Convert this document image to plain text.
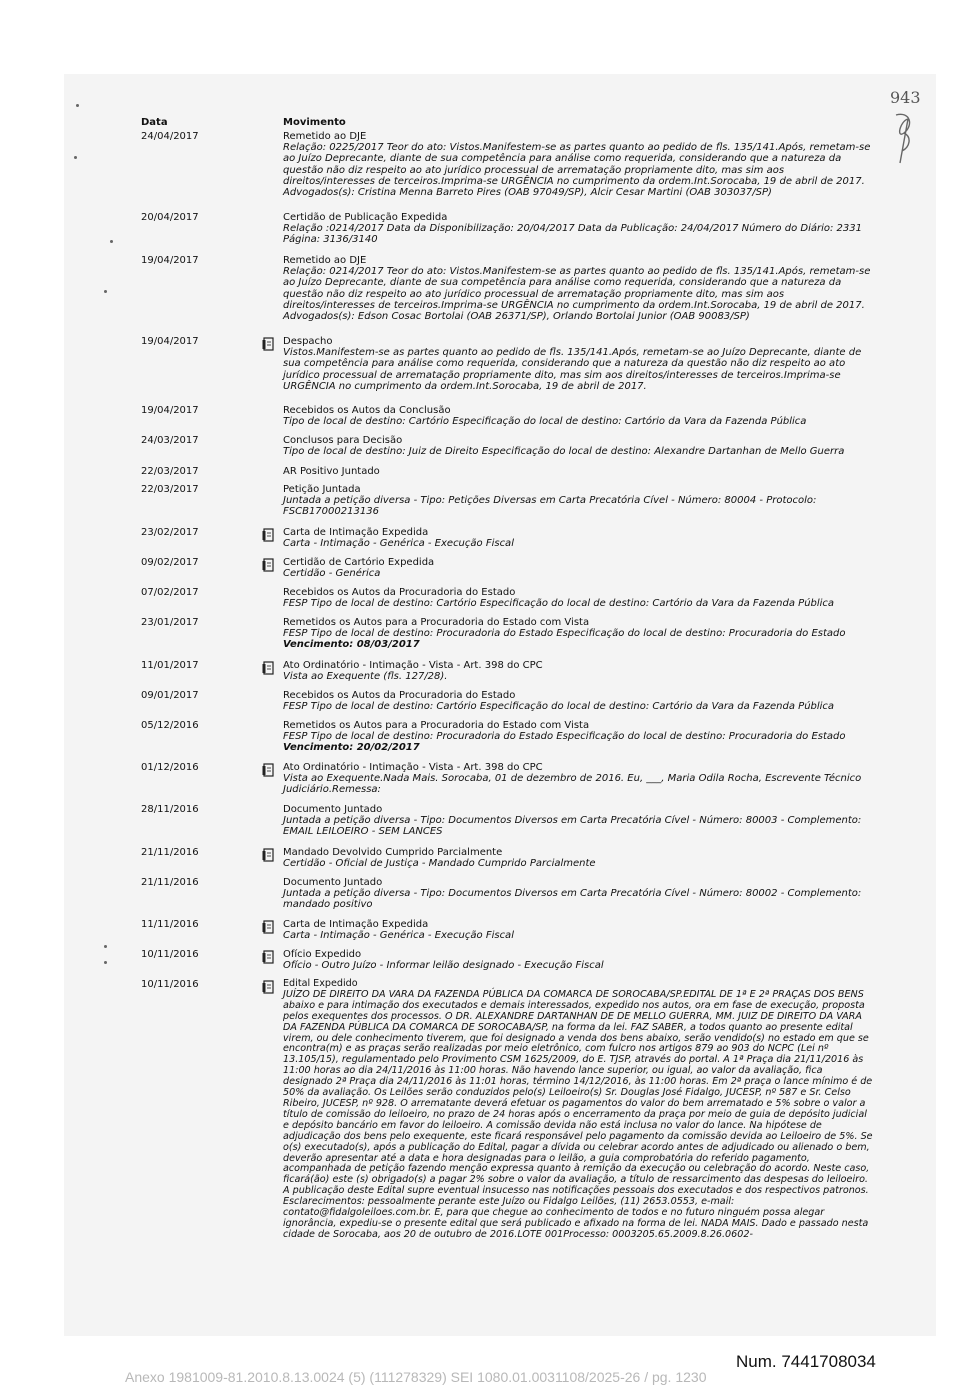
943
Data	Movimento
24/04/2017	Remetido ao DJE
Relação: 0225/2017 Teor do ato: Vistos.Manifestem-se as partes quanto ao pedido de fls. 135/141.Após, remetam-se ao Juízo Deprecante, diante de sua competência para análise como requerida, considerando que a natureza da questão não diz respeito ao ato jurídico processual de arrematação propriamente dito, mas sim aos direitos/interesses de terceiros.Imprima-se URGÊNCIA no cumprimento da ordem.Int.Sorocaba, 19 de abril de 2017. Advogados(s): Cristina Menna Barreto Pires (OAB 97049/SP), Alcir Cesar Martini (OAB 303037/SP)
20/04/2017	Certidão de Publicação Expedida
Relação :0214/2017 Data da Disponibilização: 20/04/2017 Data da Publicação: 24/04/2017 Número do Diário: 2331 Página: 3136/3140
19/04/2017	Remetido ao DJE
Relação: 0214/2017 Teor do ato: Vistos.Manifestem-se as partes quanto ao pedido de fls. 135/141.Após, remetam-se ao Juízo Deprecante, diante de sua competência para análise como requerida, considerando que a natureza da questão não diz respeito ao ato jurídico processual de arrematação propriamente dito, mas sim aos direitos/interesses de terceiros.Imprima-se URGÊNCIA no cumprimento da ordem.Int.Sorocaba, 19 de abril de 2017. Advogados(s): Edson Cosac Bortolai (OAB 26371/SP), Orlando Bortolai Junior (OAB 90083/SP)
19/04/2017	Despacho
Vistos.Manifestem-se as partes quanto ao pedido de fls. 135/141.Após, remetam-se ao Juízo Deprecante, diante de sua competência para análise como requerida, considerando que a natureza da questão não diz respeito ao ato jurídico processual de arrematação propriamente dito, mas sim aos direitos/interesses de terceiros.Imprima-se URGÊNCIA no cumprimento da ordem.Int.Sorocaba, 19 de abril de 2017.
19/04/2017	Recebidos os Autos da Conclusão
Tipo de local de destino: Cartório Especificação do local de destino: Cartório da Vara da Fazenda Pública
24/03/2017	Conclusos para Decisão
Tipo de local de destino: Juiz de Direito Especificação do local de destino: Alexandre Dartanhan de Mello Guerra
22/03/2017	AR Positivo Juntado
22/03/2017	Petição Juntada
Juntada a petição diversa - Tipo: Petições Diversas em Carta Precatória Cível - Número: 80004 - Protocolo: FSCB17000213136
23/02/2017	Carta de Intimação Expedida
Carta - Intimação - Genérica - Execução Fiscal
09/02/2017	Certidão de Cartório Expedida
Certidão - Genérica
07/02/2017	Recebidos os Autos da Procuradoria do Estado
FESP Tipo de local de destino: Cartório Especificação do local de destino: Cartório da Vara da Fazenda Pública
23/01/2017	Remetidos os Autos para a Procuradoria do Estado com Vista
FESP Tipo de local de destino: Procuradoria do Estado Especificação do local de destino: Procuradoria do Estado
Vencimento: 08/03/2017
11/01/2017	Ato Ordinatório - Intimação - Vista - Art. 398 do CPC
Vista ao Exequente (fls. 127/28).
09/01/2017	Recebidos os Autos da Procuradoria do Estado
FESP Tipo de local de destino: Cartório Especificação do local de destino: Cartório da Vara da Fazenda Pública
05/12/2016	Remetidos os Autos para a Procuradoria do Estado com Vista
FESP Tipo de local de destino: Procuradoria do Estado Especificação do local de destino: Procuradoria do Estado
Vencimento: 20/02/2017
01/12/2016	Ato Ordinatório - Intimação - Vista - Art. 398 do CPC
Vista ao Exequente.Nada Mais. Sorocaba, 01 de dezembro de 2016. Eu, ___, Maria Odila Rocha, Escrevente Técnico Judiciário.Remessa:
28/11/2016	Documento Juntado
Juntada a petição diversa - Tipo: Documentos Diversos em Carta Precatória Cível - Número: 80003 - Complemento: EMAIL LEILOEIRO - SEM LANCES
21/11/2016	Mandado Devolvido Cumprido Parcialmente
Certidão - Oficial de Justiça - Mandado Cumprido Parcialmente
21/11/2016	Documento Juntado
Juntada a petição diversa - Tipo: Documentos Diversos em Carta Precatória Cível - Número: 80002 - Complemento: mandado positivo
11/11/2016	Carta de Intimação Expedida
Carta - Intimação - Genérica - Execução Fiscal
10/11/2016	Ofício Expedido
Ofício - Outro Juízo - Informar leilão designado - Execução Fiscal
10/11/2016	Edital Expedido
JUÍZO DE DIREITO DA VARA DA FAZENDA PÚBLICA DA COMARCA DE SOROCABA/SP.EDITAL DE 1ª E 2ª PRAÇAS DOS BENS abaixo e para intimação dos executados e demais interessados, expedido nos autos, ora em fase de execução, proposta pelos exequentes dos processos. O DR. ALEXANDRE DARTANHAN DE DE MELLO GUERRA, MM. JUIZ DE DIREITO DA VARA DA FAZENDA PÚBLICA DA COMARCA DE SOROCABA/SP, na forma da lei. FAZ SABER, a todos quanto ao presente edital virem, ou dele conhecimento tiverem, que foi designado a venda dos bens abaixo, serão vendido(s) no estado em que se encontra(m) e as praças serão realizadas por meio eletrônico, com fulcro nos artigos 879 ao 903 do NCPC (Lei nº 13.105/15), regulamentado pelo Provimento CSM 1625/2009, do E. TJSP, através do portal. A 1ª Praça dia 21/11/2016 às 11:00 horas ao dia 24/11/2016 às 11:00 horas. Não havendo lance superior, ou igual, ao valor da avaliação, fica designado 2ª Praça dia 24/11/2016 às 11:01 horas, término 14/12/2016, às 11:00 horas. Em 2ª praça o lance mínimo é de 50% da avaliação. Os Leilões serão conduzidos pelo(s) Leiloeiro(s) Sr. Douglas José Fidalgo, JUCESP, nº 587 e Sr. Celso Ribeiro, JUCESP, nº 928. O arrematante deverá efetuar os pagamentos do valor do bem arrematado e 5% sobre o valor a título de comissão do leiloeiro, no prazo de 24 horas após o encerramento da praça por meio de guia de depósito judicial e depósito bancário em favor do leiloeiro. A comissão devida não está inclusa no valor do lance. Na hipótese de adjudicação dos bens pelo exequente, este ficará responsável pelo pagamento da comissão devida ao Leiloeiro de 5%. Se o(s) executado(s), após a publicação do Edital, pagar a dívida ou celebrar acordo antes de adjudicado ou alienado o bem, deverão apresentar até a data e hora designadas para o leilão, a guia comprobatória do referido pagamento, acompanhada de petição fazendo menção expressa quanto à remição da execução ou celebração do acordo. Neste caso, ficará(ão) este (s) obrigado(s) a pagar 2% sobre o valor da avaliação, a título de ressarcimento das despesas do leiloeiro. A publicação deste Edital supre eventual insucesso nas notificações pessoais dos executados e dos respectivos patronos. Esclarecimentos: pessoalmente perante este Juízo ou Fidalgo Leilões, (11) 2653.0553, e-mail: contato@fidalgoleiloes.com.br. E, para que chegue ao conhecimento de todos e no futuro ninguém possa alegar ignorância, expediu-se o presente edital que será publicado e afixado na forma de lei. NADA MAIS. Dado e passado nesta cidade de Sorocaba, aos 20 de outubro de 2016.LOTE 001Processo: 0003205.65.2009.8.26.0602-
Num. 7441708034
Anexo 1981009-81.2010.8.13.0024 (5) (111278329) SEI 1080.01.0031108/2025-26 / pg. 1230
